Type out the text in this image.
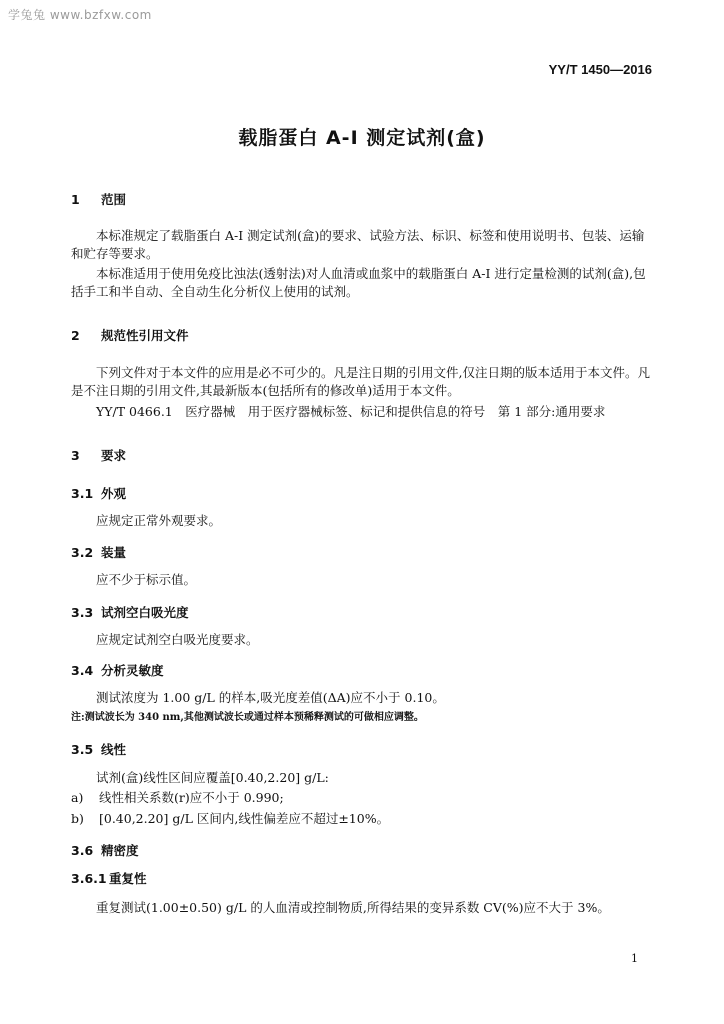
学兔兔 www.bzfxw.com
YY/T 1450—2016
载脂蛋白 A-I 测定试剂(盒)
1 范围
本标准规定了载脂蛋白 A-I 测定试剂(盒)的要求、试验方法、标识、标签和使用说明书、包装、运输和贮存等要求。
本标准适用于使用免疫比浊法(透射法)对人血清或血浆中的载脂蛋白 A-I 进行定量检测的试剂(盒),包括手工和半自动、全自动生化分析仪上使用的试剂。
2 规范性引用文件
下列文件对于本文件的应用是必不可少的。凡是注日期的引用文件,仅注日期的版本适用于本文件。凡是不注日期的引用文件,其最新版本(包括所有的修改单)适用于本文件。
YY/T 0466.1　医疗器械　用于医疗器械标签、标记和提供信息的符号　第 1 部分:通用要求
3 要求
3.1 外观
应规定正常外观要求。
3.2 装量
应不少于标示值。
3.3 试剂空白吸光度
应规定试剂空白吸光度要求。
3.4 分析灵敏度
测试浓度为 1.00 g/L 的样本,吸光度差值(ΔA)应不小于 0.10。
注:测试波长为 340 nm,其他测试波长或通过样本预稀释测试的可做相应调整。
3.5 线性
试剂(盒)线性区间应覆盖[0.40,2.20] g/L:
a) 线性相关系数(r)应不小于 0.990;
b) [0.40,2.20] g/L 区间内,线性偏差应不超过±10%。
3.6 精密度
3.6.1 重复性
重复测试(1.00±0.50) g/L 的人血清或控制物质,所得结果的变异系数 CV(%)应不大于 3%。
1
